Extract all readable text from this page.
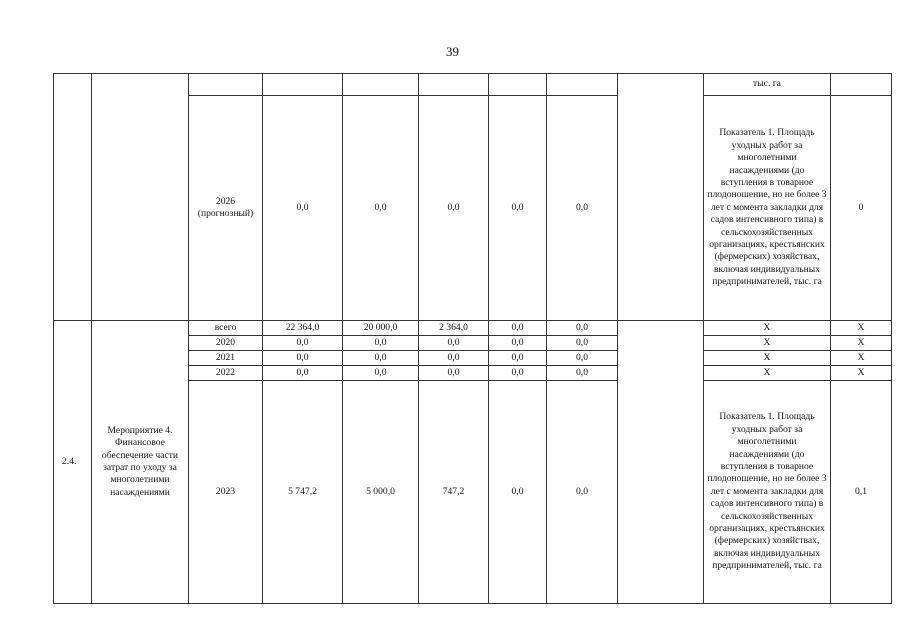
39
									тыс. га	
		2026 (прогнозный)	0,0	0,0	0,0	0,0	0,0		Показатель 1. Площадь уходных работ за многолетними насаждениями (до вступления в товарное плодоношение, но не более 3 лет с момента закладки для садов интенсивного типа) в сельскохозяйственных организациях, крестьянских (фермерских) хозяйствах, включая индивидуальных предпринимателей, тыс. га	0
2.4.	Мероприятие 4. Финансовое обеспечение части затрат по уходу за многолетними насаждениями	всего	22 364,0	20 000,0	2 364,0	0,0	0,0		X	X
		2020	0,0	0,0	0,0	0,0	0,0		X	X
		2021	0,0	0,0	0,0	0,0	0,0		X	X
		2022	0,0	0,0	0,0	0,0	0,0		X	X
		2023	5 747,2	5 000,0	747,2	0,0	0,0		Показатель 1. Площадь уходных работ за многолетними насаждениями (до вступления в товарное плодоношение, но не более 3 лет с момента закладки для садов интенсивного типа) в сельскохозяйственных организациях, крестьянских (фермерских) хозяйствах, включая индивидуальных предпринимателей, тыс. га	0,1
